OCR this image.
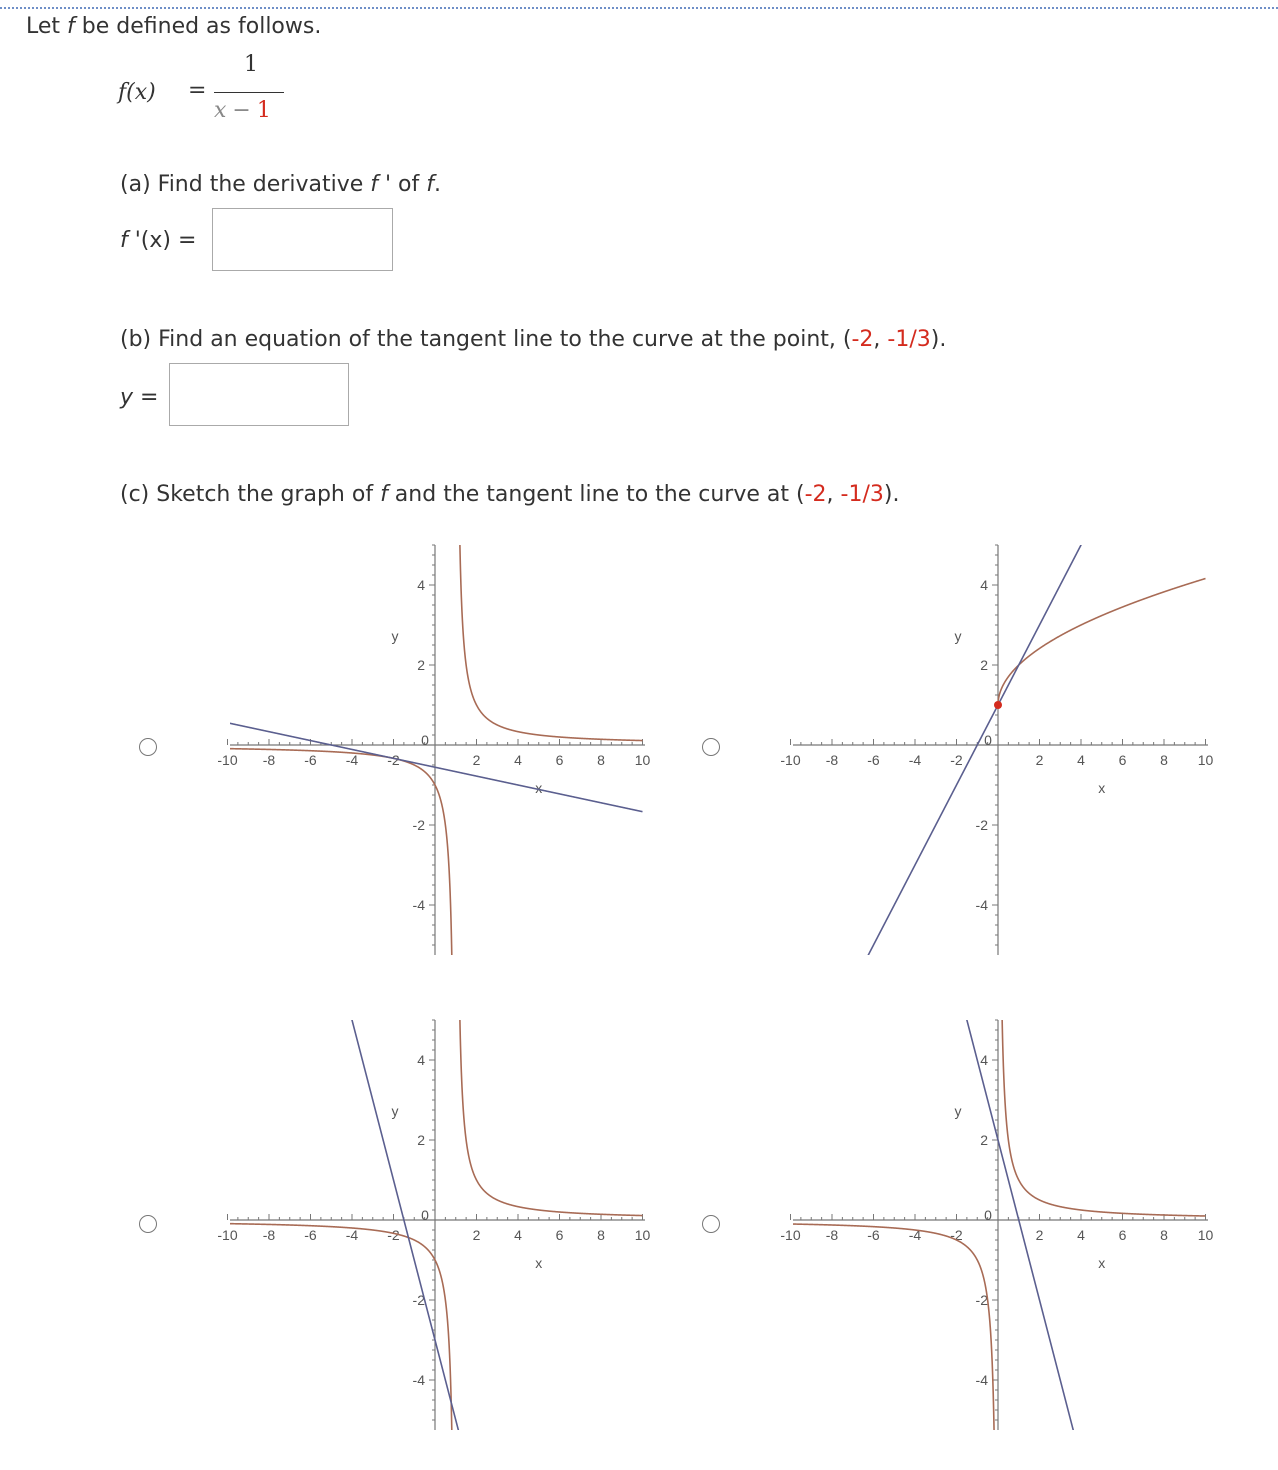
Let f be defined as follows.
f(x) =
1
x − 1
(a) Find the derivative f ' of f.
f '(x) =
(b) Find an equation of the tangent line to the curve at the point, (-2, -1/3).
y =
(c) Sketch the graph of f and the tangent line to the curve at (-2, -1/3).
-10 -8 -6 -4 -2
0
2 4 6 8 10
4
2
-2
-4
x
y
-10 -8 -6 -4 -2
0
2 4 6 8 10
4
2
-2
-4
x
y
-10 -8 -6 -4 -2
0
2 4 6 8 10
4
2
-2
-4
x
y
-10 -8 -6 -4 -2
0
2 4 6 8 10
4
2
-2
-4
x
y
